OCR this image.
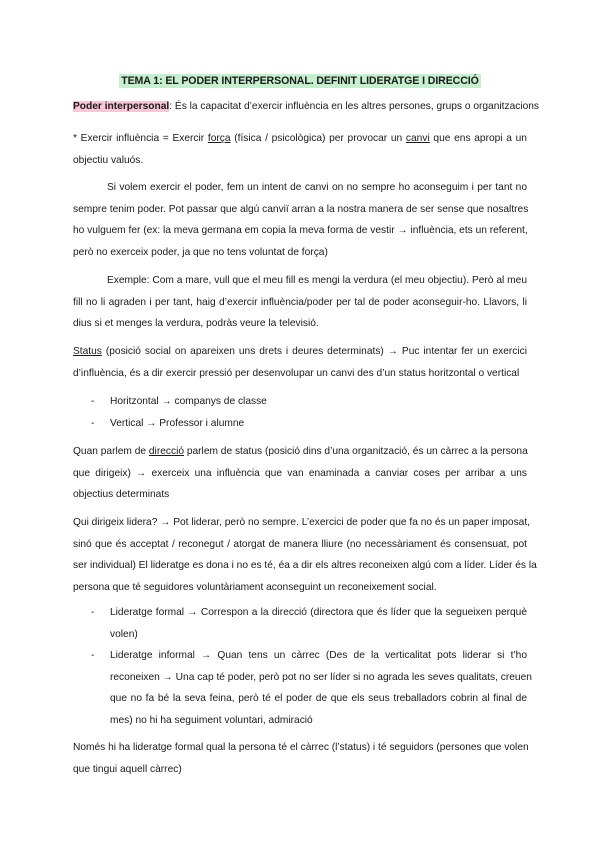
TEMA 1: EL PODER INTERPERSONAL. DEFINIT LIDERATGE I DIRECCIÓ

Poder interpersonal: És la capacitat d’exercir influència en les altres persones, grups o organitzacions

* Exercir influència = Exercir força (física / psicològica) per provocar un canvi que ens apropi a un
objectiu valuós.

Si volem exercir el poder, fem un intent de canvi on no sempre ho aconseguim i per tant no
sempre tenim poder. Pot passar que algú canviï arran a la nostra manera de ser sense que nosaltres
ho vulguem fer (ex: la meva germana em copia la meva forma de vestir → influència, ets un referent,
però no exerceix poder, ja que no tens voluntat de força)

Exemple: Com a mare, vull que el meu fill es mengi la verdura (el meu objectiu). Però al meu
fill no li agraden i per tant, haig d’exercir influència/poder per tal de poder aconseguir-ho. Llavors, li
dius si et menges la verdura, podràs veure la televisió.

Status (posició social on apareixen uns drets i deures determinats) → Puc intentar fer un exercici
d’influència, és a dir exercir pressió per desenvolupar un canvi des d’un status horitzontal o vertical

- Horitzontal → companys de classe

- Vertical → Professor i alumne

Quan parlem de direcció parlem de status (posició dins d’una organització, és un càrrec a la persona
que dirigeix) → exerceix una influència que van enaminada a canviar coses per arribar a uns
objectius determinats

Qui dirigeix lidera? → Pot liderar, però no sempre. L’exercici de poder que fa no és un paper imposat,
sinó que és acceptat / reconegut / atorgat de manera lliure (no necessàriament és consensuat, pot
ser individual) El lideratge es dona i no es té, éa a dir els altres reconeixen algú com a líder. Líder és la
persona que té seguidores voluntàriament aconseguint un reconeixement social.

- Lideratge formal → Correspon a la direcció (directora que és líder que la segueixen perquè
volen)

- Lideratge informal → Quan tens un càrrec (Des de la verticalitat pots liderar si t’ho
reconeixen → Una cap té poder, però pot no ser líder si no agrada les seves qualitats, creuen
que no fa bé la seva feina, però té el poder de que els seus treballadors cobrin al final de
mes) no hi ha seguiment voluntari, admiració

Només hi ha lideratge formal qual la persona té el càrrec (l’status) i té seguidors (persones que volen
que tingui aquell càrrec)
